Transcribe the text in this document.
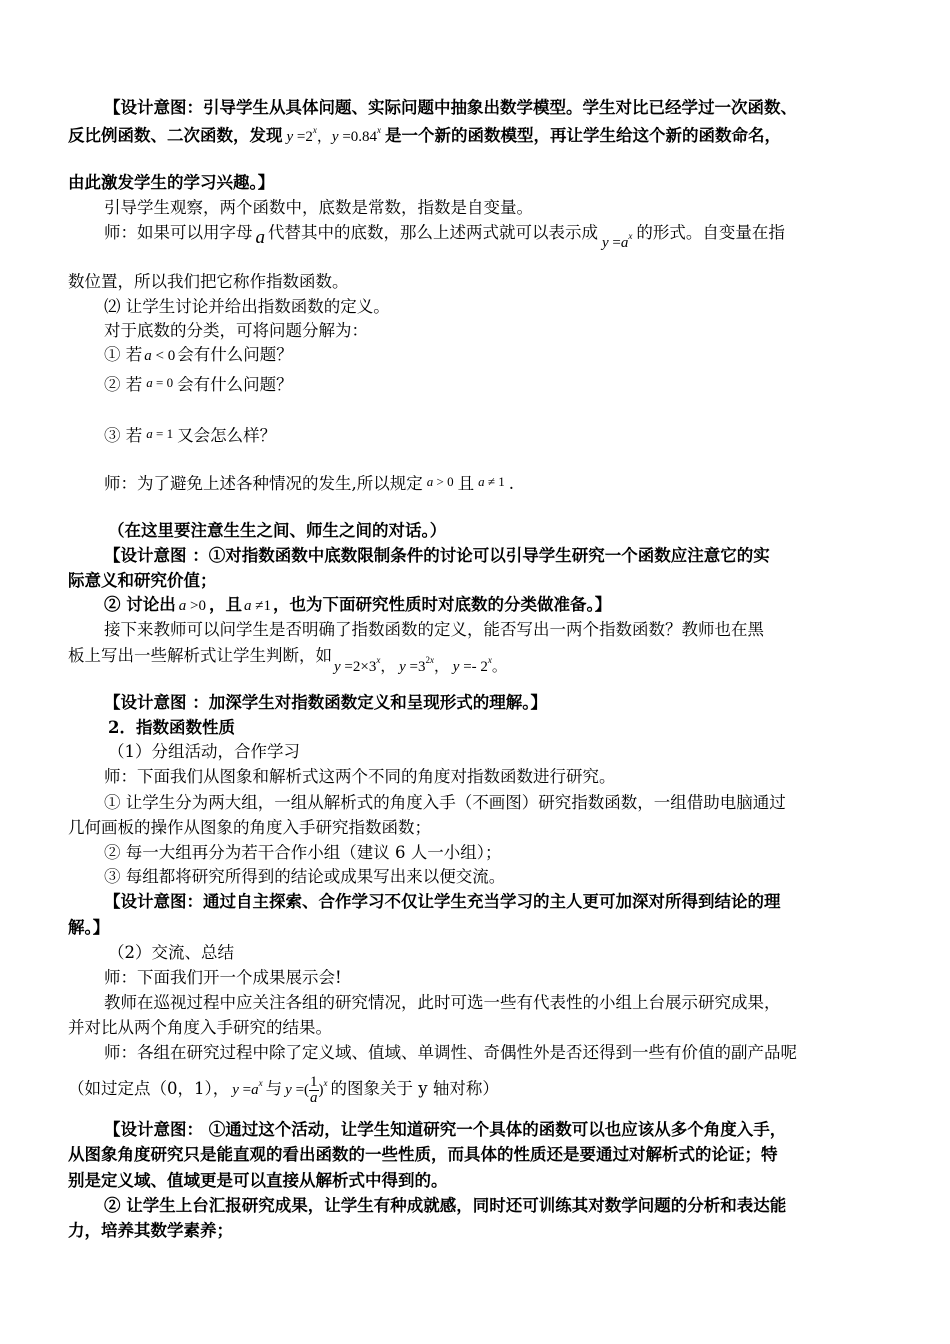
【设计意图：引导学生从具体问题、实际问题中抽象出数学模型。学生对比已经学过一次函数、
反比例函数、二次函数，发现 $y =2^x$，$y =0.84^x$ 是一个新的函数模型，再让学生给这个新的函数命名，
由此激发学生的学习兴趣。】
引导学生观察，两个函数中，底数是常数，指数是自变量。
师：如果可以用字母 a 代替其中的底数，那么上述两式就可以表示成$y =a^x$ 的形式。自变量在指
数位置，所以我们把它称作指数函数。
⑵ 让学生讨论并给出指数函数的定义。
对于底数的分类，可将问题分解为：
① 若 a < 0 会有什么问题？
② 若 a = 0 会有什么问题？
③ 若 a = 1 又会怎么样？
师：为了避免上述各种情况的发生,所以规定 a > 0 且 a ≠ 1 .
（在这里要注意生生之间、师生之间的对话。）
【设计意图 ：①对指数函数中底数限制条件的讨论可以引导学生研究一个函数应注意它的实
际意义和研究价值；
② 讨论出 a >0 ，且 a ≠1 ，也为下面研究性质时对底数的分类做准备。】
接下来教师可以问学生是否明确了指数函数的定义，能否写出一两个指数函数？教师也在黑
板上写出一些解析式让学生判断，如$y =2\times 3^x$， $y =3^{2x}$， y =- 2$^x$。
【设计意图 ：加深学生对指数函数定义和呈现形式的理解。】
2．指数函数性质
（1）分组活动，合作学习
师：下面我们从图象和解析式这两个不同的角度对指数函数进行研究。
① 让学生分为两大组，一组从解析式的角度入手（不画图）研究指数函数，一组借助电脑通过
几何画板的操作从图象的角度入手研究指数函数；
② 每一大组再分为若干合作小组（建议 6 人一小组）；
③ 每组都将研究所得到的结论或成果写出来以便交流。
【设计意图：通过自主探索、合作学习不仅让学生充当学习的主人更可加深对所得到结论的理
解。】
（2）交流、总结
师：下面我们开一个成果展示会!
教师在巡视过程中应关注各组的研究情况，此时可选一些有代表性的小组上台展示研究成果，
并对比从两个角度入手研究的结果。
师：各组在研究过程中除了定义域、值域、单调性、奇偶性外是否还得到一些有价值的副产品呢
（如过定点（0，1）， $y =a^x$ 与 y =( $\frac{1}{a} )^x$ 的图象关于 y 轴对称）
【设计意图： ①通过这个活动，让学生知道研究一个具体的函数可以也应该从多个角度入手，
从图象角度研究只是能直观的看出函数的一些性质，而具体的性质还是要通过对解析式的论证；特
别是定义域、值域更是可以直接从解析式中得到的。
② 让学生上台汇报研究成果，让学生有种成就感，同时还可训练其对数学问题的分析和表达能
力，培养其数学素养；
